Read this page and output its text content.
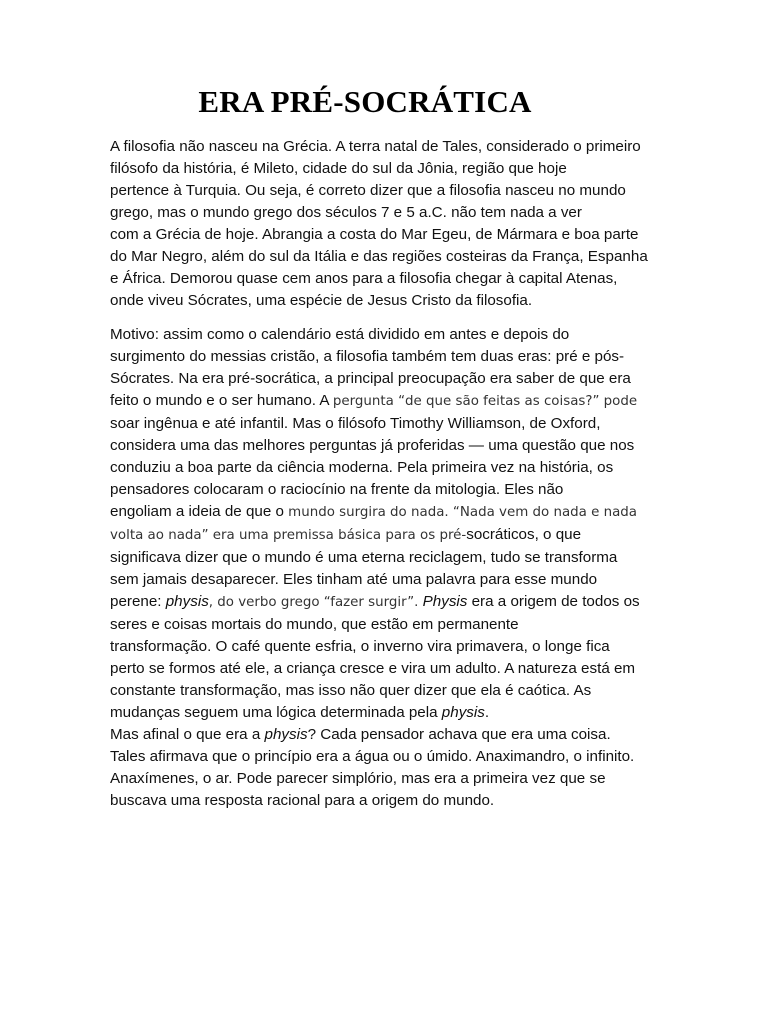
ERA PRÉ-SOCRÁTICA
A filosofia não nasceu na Grécia. A terra natal de Tales, considerado o primeiro
filósofo da história, é Mileto, cidade do sul da Jônia, região que hoje
pertence à Turquia. Ou seja, é correto dizer que a filosofia nasceu no mundo
grego, mas o mundo grego dos séculos 7 e 5 a.C. não tem nada a ver
com a Grécia de hoje. Abrangia a costa do Mar Egeu, de Mármara e boa parte
do Mar Negro, além do sul da Itália e das regiões costeiras da França, Espanha
e África. Demorou quase cem anos para a filosofia chegar à capital Atenas,
onde viveu Sócrates, uma espécie de Jesus Cristo da filosofia.
Motivo: assim como o calendário está dividido em antes e depois do
surgimento do messias cristão, a filosofia também tem duas eras: pré e pós-
Sócrates. Na era pré-socrática, a principal preocupação era saber de que era
feito o mundo e o ser humano. A pergunta “de que são feitas as coisas?” pode
soar ingênua e até infantil. Mas o filósofo Timothy Williamson, de Oxford,
considera uma das melhores perguntas já proferidas — uma questão que nos
conduziu a boa parte da ciência moderna. Pela primeira vez na história, os
pensadores colocaram o raciocínio na frente da mitologia. Eles não
engoliam a ideia de que o mundo surgira do nada. “Nada vem do nada e nada
volta ao nada” era uma premissa básica para os pré-socráticos, o que
significava dizer que o mundo é uma eterna reciclagem, tudo se transforma
sem jamais desaparecer. Eles tinham até uma palavra para esse mundo
perene: physis, do verbo grego “fazer surgir”. Physis era a origem de todos os
seres e coisas mortais do mundo, que estão em permanente
transformação. O café quente esfria, o inverno vira primavera, o longe fica
perto se formos até ele, a criança cresce e vira um adulto. A natureza está em
constante transformação, mas isso não quer dizer que ela é caótica. As
mudanças seguem uma lógica determinada pela physis.
Mas afinal o que era a physis? Cada pensador achava que era uma coisa.
Tales afirmava que o princípio era a água ou o úmido. Anaximandro, o infinito.
Anaxímenes, o ar. Pode parecer simplório, mas era a primeira vez que se
buscava uma resposta racional para a origem do mundo.
